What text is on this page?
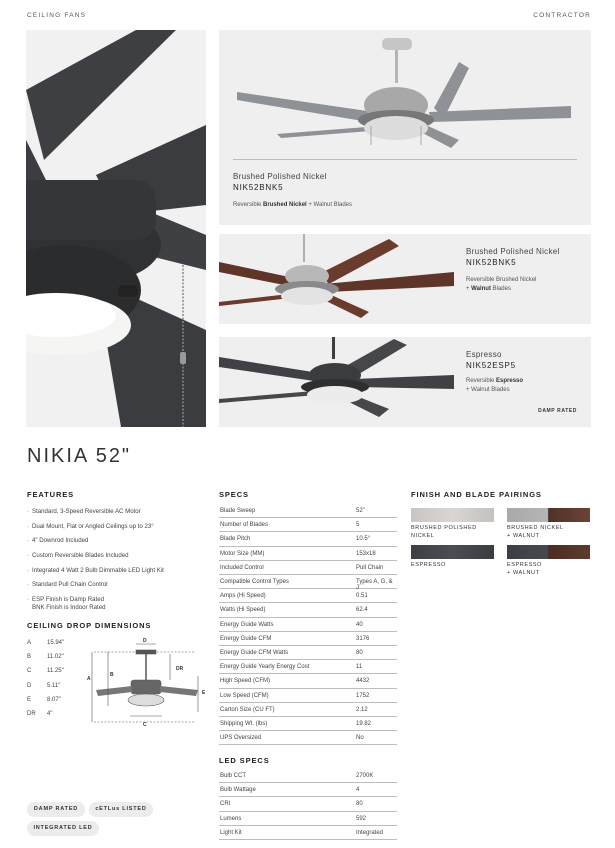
CEILING FANS	CONTRACTOR
Brushed Polished Nickel
NIK52BNK5
Reversible Brushed Nickel + Walnut Blades
Brushed Polished Nickel
NIK52BNK5
Reversible Brushed Nickel
+ Walnut Blades
Espresso
NIK52ESP5
Reversible Espresso
+ Walnut Blades
DAMP RATED
NIKIA 52"
FEATURES
· Standard, 3-Speed Reversible AC Motor
· Dual Mount, Flat or Angled Ceilings up to 23°
· 4" Downrod Included
· Custom Reversible Blades Included
· Integrated 4 Watt 2 Bulb Dimmable LED Light Kit
· Standard Pull Chain Control
· ESP Finish is Damp Rated
BNK Finish is Indoor Rated
CEILING DROP DIMENSIONS
A	15.94"
B	11.02"
C	11.25"
D	5.11"
E	8.07"
DR 4"
A
B
C
D
E
DR
SPECS
Blade Sweep	52"
Number of Blades	5
Blade Pitch	10.5°
Motor Size (MM)	153x18
Included Control	Pull Chain
Compatible Control Types	Types A, G, & J
Amps (Hi Speed)	0.51
Watts (Hi Speed)	62.4
Energy Guide Watts	40
Energy Guide CFM	3176
Energy Guide CFM Watts	80
Energy Guide Yearly Energy Cost	11
High Speed (CFM)	4432
Low Speed (CFM)	1752
Carton Size (CU FT)	2.12
Shipping Wt. (lbs)	19.82
UPS Oversized	No
LED SPECS
Bulb CCT	2700K
Bulb Wattage	4
CRI	80
Lumens	592
Light Kit	Integrated
FINISH AND BLADE PAIRINGS
BRUSHED POLISHED
NICKEL
BRUSHED NICKEL
+ WALNUT
ESPRESSO	ESPRESSO
+ WALNUT
DAMP RATED	cETLus LISTED
INTEGRATED LED
